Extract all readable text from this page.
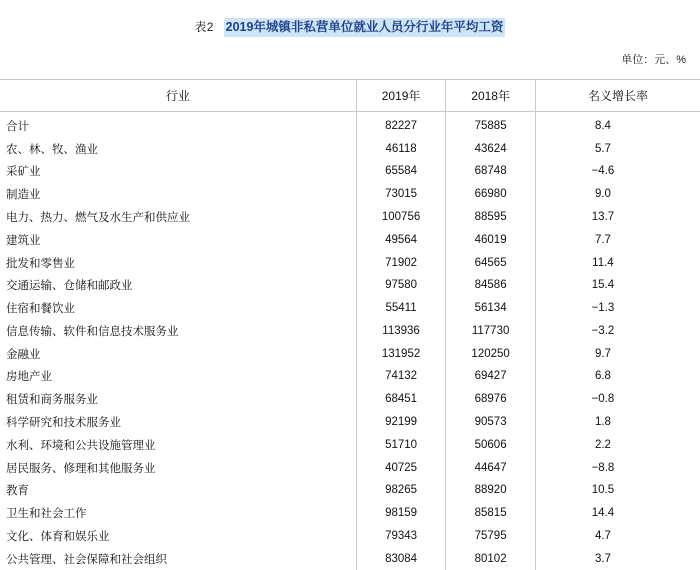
表2 2019年城镇非私营单位就业人员分行业年平均工资
单位：元、%
行业	2019年	2018年	名义增长率
合计	82227	75885	8.4
农、林、牧、渔业	46118	43624	5.7
采矿业	65584	68748	−4.6
制造业	73015	66980	9.0
电力、热力、燃气及水生产和供应业	100756	88595	13.7
建筑业	49564	46019	7.7
批发和零售业	71902	64565	11.4
交通运输、仓储和邮政业	97580	84586	15.4
住宿和餐饮业	55411	56134	−1.3
信息传输、软件和信息技术服务业	113936	117730	−3.2
金融业	131952	120250	9.7
房地产业	74132	69427	6.8
租赁和商务服务业	68451	68976	−0.8
科学研究和技术服务业	92199	90573	1.8
水利、环境和公共设施管理业	51710	50606	2.2
居民服务、修理和其他服务业	40725	44647	−8.8
教育	98265	88920	10.5
卫生和社会工作	98159	85815	14.4
文化、体育和娱乐业	79343	75795	4.7
公共管理、社会保障和社会组织	83084	80102	3.7
